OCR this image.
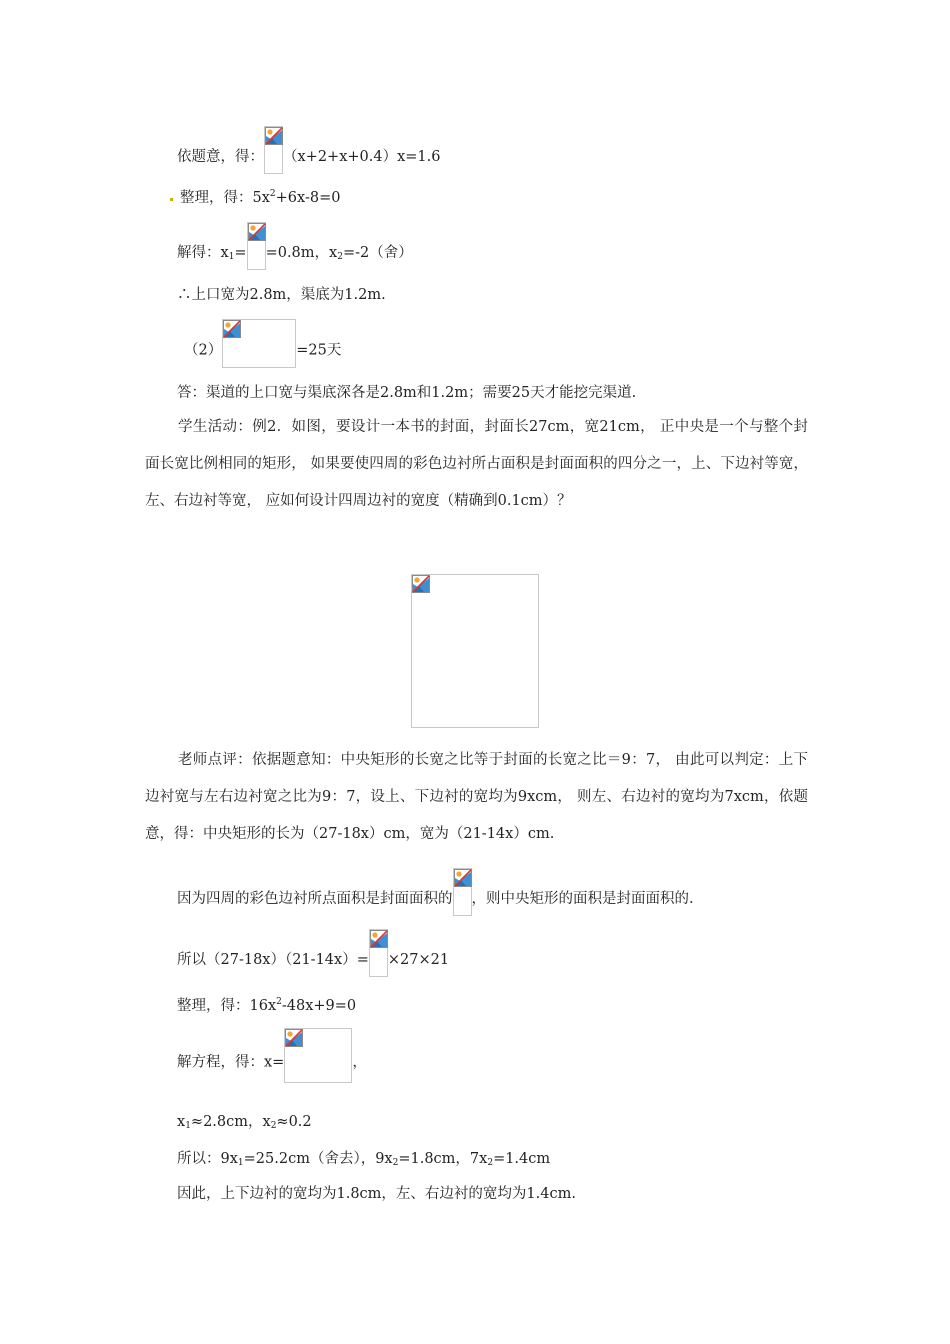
依题意，得： （x+2+x+0.4）x=1.6
整理，得：$5x^2+6x-8=0$
解得：$x_1= =0.8m$，$x_2=-2$（舍）
∴上口宽为2.8m，渠底为1.2m.
（2）	=25天
答：渠道的上口宽与渠底深各是2.8m和1.2m；需要25天才能挖完渠道.
学生活动：例2．如图，要设计一本书的封面，封面长27cm，宽21cm， 正中央是一个与整个封面长宽比例相同的矩形， 如果要使四周的彩色边衬所占面积是封面面积的四分之一，上、下边衬等宽，左、右边衬等宽， 应如何设计四周边衬的宽度（精确到0.1cm）？
老师点评：依据题意知：中央矩形的长宽之比等于封面的长宽之比＝9：7， 由此可以判定：上下边衬宽与左右边衬宽之比为9：7，设上、下边衬的宽均为9xcm， 则左、右边衬的宽均为7xcm，依题意，得：中央矩形的长为（27-18x）cm，宽为（21-14x）cm.
因为四周的彩色边衬所点面积是封面面积的 ，则中央矩形的面积是封面面积的.
所以（27-18x）（21-14x）= ×27×21
整理，得：$16x^2-48x+9=0$
解方程，得：x=	，
$x_1\approx 2.8cm$，$x_2\approx 0.2$
所以：$9x_1=25.2cm$（舍去），$9x_2=1.8cm$，$7x_2=1.4cm$
因此，上下边衬的宽均为1.8cm，左、右边衬的宽均为1.4cm.
